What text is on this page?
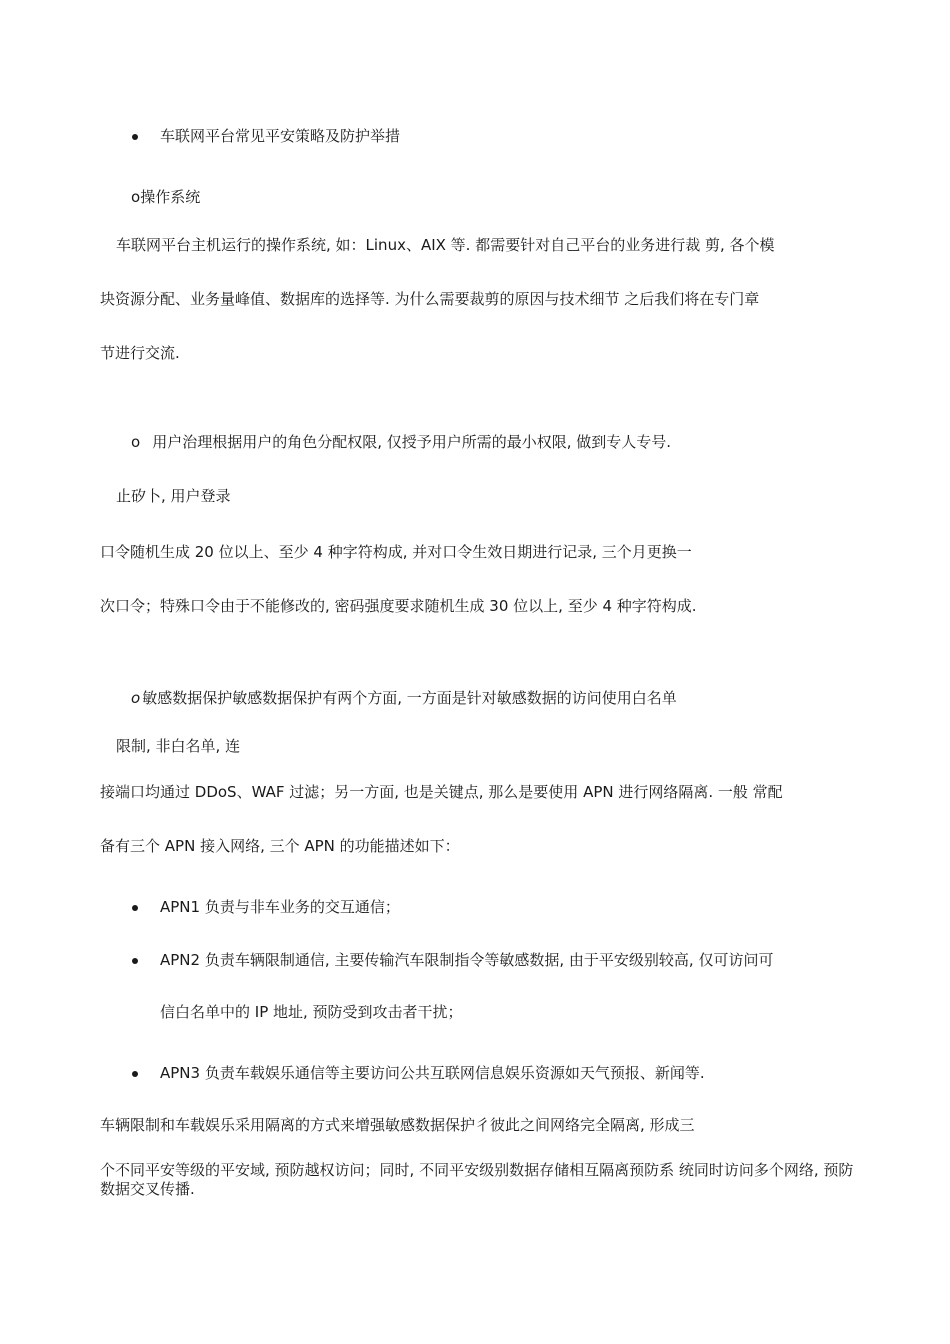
车联网平台常见平安策略及防护举措
o操作系统
车联网平台主机运行的操作系统, 如：Linux、AIX 等. 都需要针对自己平台的业务进行裁 剪, 各个模
块资源分配、业务量峰值、数据库的选择等. 为什么需要裁剪的原因与技术细节 之后我们将在专门章
节进行交流.
o 用户治理根据用户的角色分配权限, 仅授予用户所需的最小权限, 做到专人专号.
止矽卜, 用户登录
口令随机生成 20 位以上、至少 4 种字符构成, 并对口令生效日期进行记录, 三个月更换一
次口令；特殊口令由于不能修改的, 密码强度要求随机生成 30 位以上, 至少 4 种字符构成.
o 敏感数据保护敏感数据保护有两个方面, 一方面是针对敏感数据的访问使用白名单
限制, 非白名单, 连
接端口均通过 DDoS、WAF 过滤；另一方面, 也是关键点, 那么是要使用 APN 进行网络隔离. 一般 常配
备有三个 APN 接入网络, 三个 APN 的功能描述如下：
APN1 负责与非车业务的交互通信；
APN2 负责车辆限制通信, 主要传输汽车限制指令等敏感数据, 由于平安级别较高, 仅可访问可
信白名单中的 IP 地址, 预防受到攻击者干扰；
APN3 负责车载娱乐通信等主要访问公共互联网信息娱乐资源如天气预报、新闻等.
车辆限制和车载娱乐采用隔离的方式来增强敏感数据保护彳彼此之间网络完全隔离, 形成三
个不同平安等级的平安域, 预防越权访问；同时, 不同平安级别数据存储相互隔离预防系 统同时访问多个网络, 预防数据交叉传播.
